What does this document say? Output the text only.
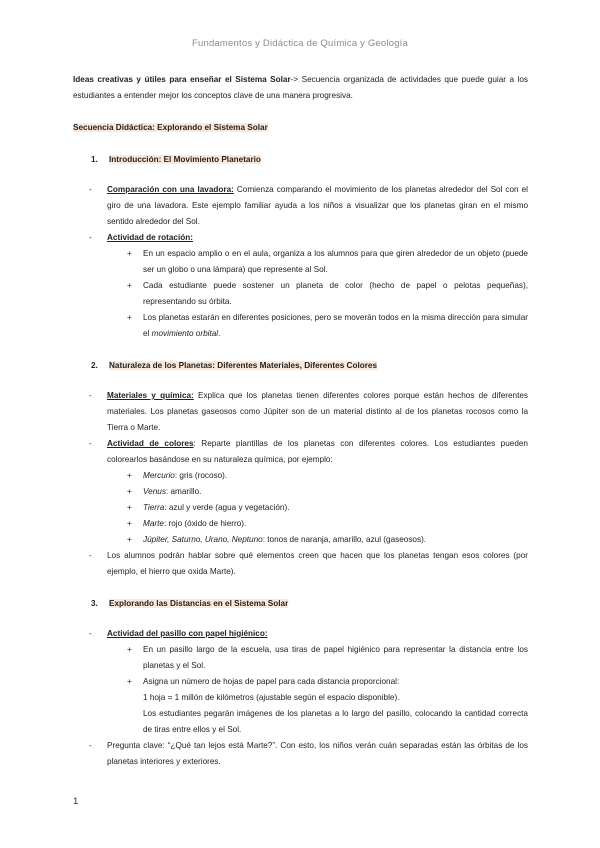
Fundamentos y Didáctica de Química y Geología
Ideas creativas y útiles para enseñar el Sistema Solar-> Secuencia organizada de actividades que puede guiar a los estudiantes a entender mejor los conceptos clave de una manera progresiva.
Secuencia Didáctica: Explorando el Sistema Solar
1. Introducción: El Movimiento Planetario
- Comparación con una lavadora: Comienza comparando el movimiento de los planetas alrededor del Sol con el giro de una lavadora. Este ejemplo familiar ayuda a los niños a visualizar que los planetas giran en el mismo sentido alrededor del Sol.
- Actividad de rotación:
+ En un espacio amplio o en el aula, organiza a los alumnos para que giren alrededor de un objeto (puede ser un globo o una lámpara) que represente al Sol.
+ Cada estudiante puede sostener un planeta de color (hecho de papel o pelotas pequeñas), representando su órbita.
+ Los planetas estarán en diferentes posiciones, pero se moverán todos en la misma dirección para simular el movimiento orbital.
2. Naturaleza de los Planetas: Diferentes Materiales, Diferentes Colores
- Materiales y química: Explica que los planetas tienen diferentes colores porque están hechos de diferentes materiales. Los planetas gaseosos como Júpiter son de un material distinto al de los planetas rocosos como la Tierra o Marte.
- Actividad de colores: Reparte plantillas de los planetas con diferentes colores. Los estudiantes pueden colorearlos basándose en su naturaleza química, por ejemplo:
+ Mercurio: gris (rocoso).
+ Venus: amarillo.
+ Tierra: azul y verde (agua y vegetación).
+ Marte: rojo (óxido de hierro).
+ Júpiter, Saturno, Urano, Neptuno: tonos de naranja, amarillo, azul (gaseosos).
- Los alumnos podrán hablar sobre qué elementos creen que hacen que los planetas tengan esos colores (por ejemplo, el hierro que oxida Marte).
3. Explorando las Distancias en el Sistema Solar
- Actividad del pasillo con papel higiénico:
+ En un pasillo largo de la escuela, usa tiras de papel higiénico para representar la distancia entre los planetas y el Sol.
+ Asigna un número de hojas de papel para cada distancia proporcional:
1 hoja = 1 millón de kilómetros (ajustable según el espacio disponible).
Los estudiantes pegarán imágenes de los planetas a lo largo del pasillo, colocando la cantidad correcta de tiras entre ellos y el Sol.
- Pregunta clave: “¿Qué tan lejos está Marte?”. Con esto, los niños verán cuán separadas están las órbitas de los planetas interiores y exteriores.
1
